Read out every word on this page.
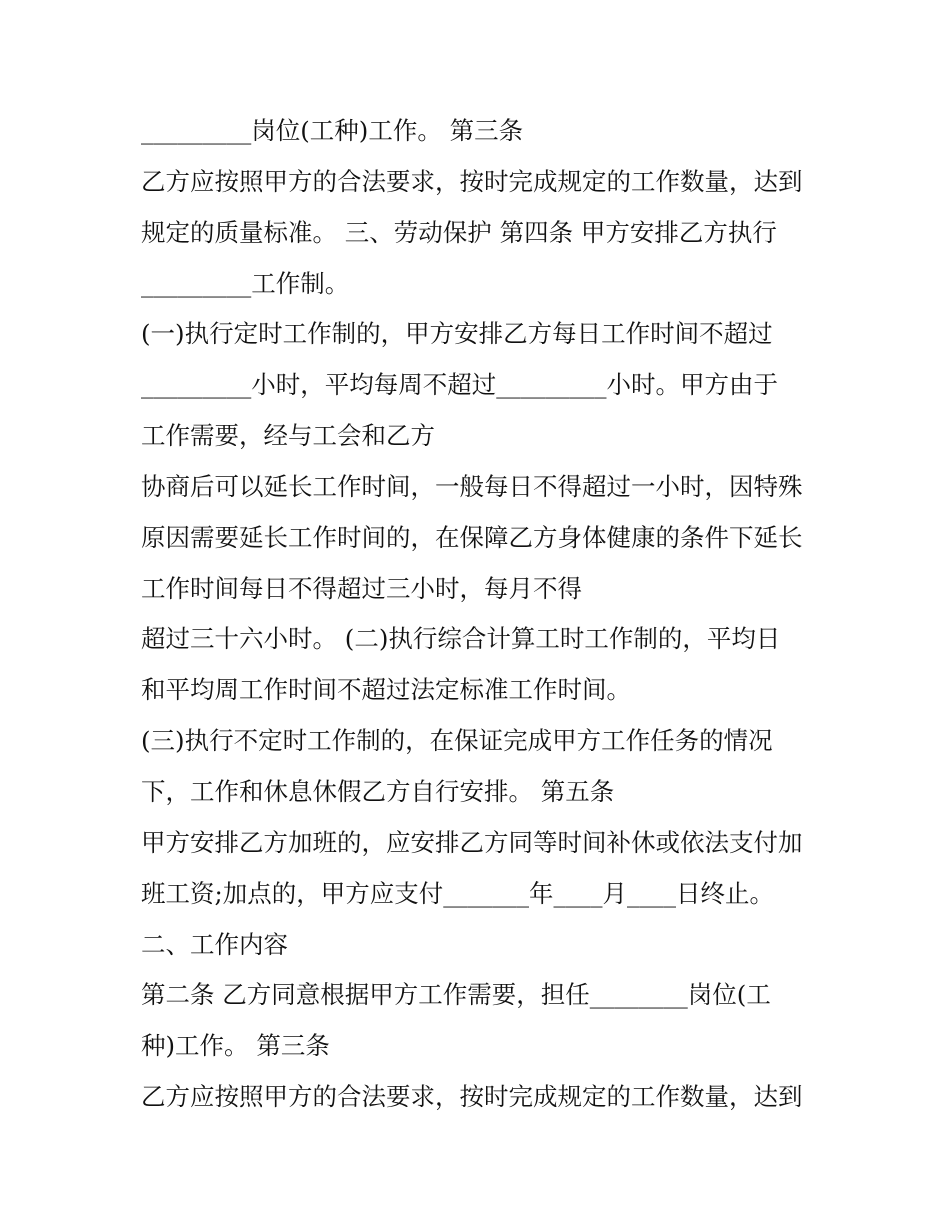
_________岗位(工种)工作。 第三条
乙方应按照甲方的合法要求，按时完成规定的工作数量，达到
规定的质量标准。 三、劳动保护 第四条 甲方安排乙方执行
_________工作制。
(一)执行定时工作制的，甲方安排乙方每日工作时间不超过
_________小时，平均每周不超过_________小时。甲方由于
工作需要，经与工会和乙方
协商后可以延长工作时间，一般每日不得超过一小时，因特殊
原因需要延长工作时间的，在保障乙方身体健康的条件下延长
工作时间每日不得超过三小时，每月不得
超过三十六小时。 (二)执行综合计算工时工作制的，平均日
和平均周工作时间不超过法定标准工作时间。
(三)执行不定时工作制的，在保证完成甲方工作任务的情况
下，工作和休息休假乙方自行安排。 第五条
甲方安排乙方加班的，应安排乙方同等时间补休或依法支付加
班工资;加点的，甲方应支付_______年____月____日终止。
二、工作内容
第二条 乙方同意根据甲方工作需要，担任________岗位(工
种)工作。 第三条
乙方应按照甲方的合法要求，按时完成规定的工作数量，达到
